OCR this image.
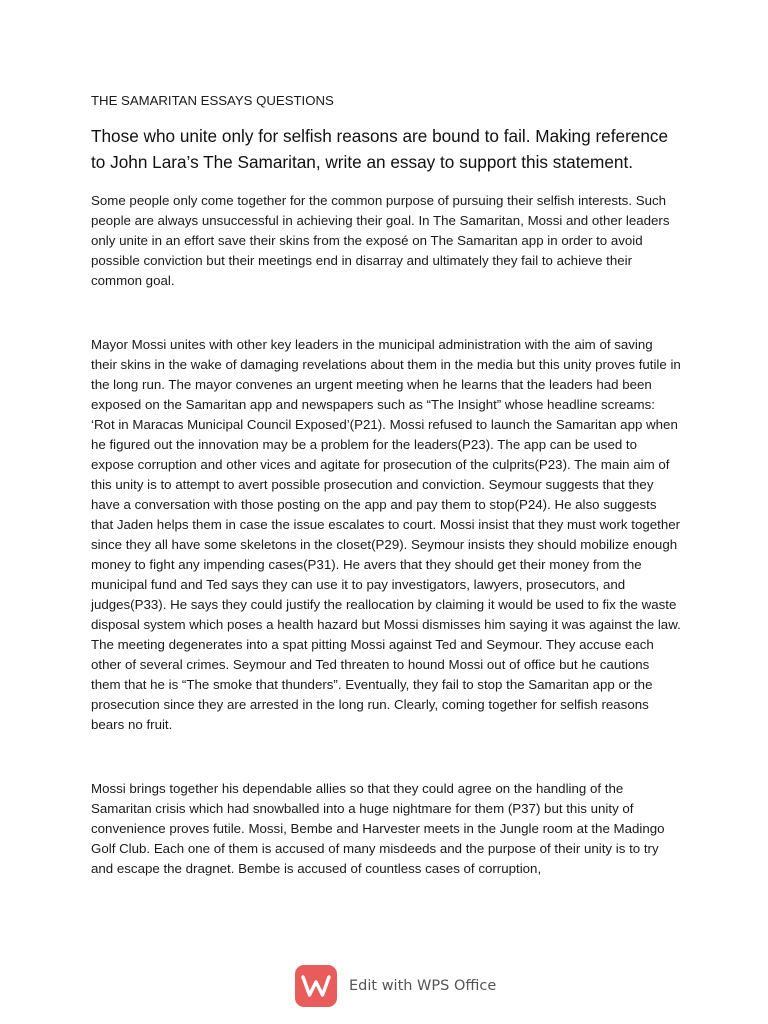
THE SAMARITAN ESSAYS QUESTIONS
Those who unite only for selfish reasons are bound to fail. Making reference to John Lara’s The Samaritan, write an essay to support this statement.

Some people only come together for the common purpose of pursuing their selfish interests. Such people are always unsuccessful in achieving their goal. In The Samaritan, Mossi and other leaders only unite in an effort save their skins from the exposé on The Samaritan app in order to avoid possible conviction but their meetings end in disarray and ultimately they fail to achieve their common goal.

Mayor Mossi unites with other key leaders in the municipal administration with the aim of saving their skins in the wake of damaging revelations about them in the media but this unity proves futile in the long run. The mayor convenes an urgent meeting when he learns that the leaders had been exposed on the Samaritan app and newspapers such as “The Insight” whose headline screams: ‘Rot in Maracas Municipal Council Exposed’(P21). Mossi refused to launch the Samaritan app when he figured out the innovation may be a problem for the leaders(P23). The app can be used to expose corruption and other vices and agitate for prosecution of the culprits(P23). The main aim of this unity is to attempt to avert possible prosecution and conviction. Seymour suggests that they have a conversation with those posting on the app and pay them to stop(P24). He also suggests that Jaden helps them in case the issue escalates to court. Mossi insist that they must work together since they all have some skeletons in the closet(P29). Seymour insists they should mobilize enough money to fight any impending cases(P31). He avers that they should get their money from the municipal fund and Ted says they can use it to pay investigators, lawyers, prosecutors, and judges(P33). He says they could justify the reallocation by claiming it would be used to fix the waste disposal system which poses a health hazard but Mossi dismisses him saying it was against the law. The meeting degenerates into a spat pitting Mossi against Ted and Seymour. They accuse each other of several crimes. Seymour and Ted threaten to hound Mossi out of office but he cautions them that he is “The smoke that thunders”. Eventually, they fail to stop the Samaritan app or the prosecution since they are arrested in the long run. Clearly, coming together for selfish reasons bears no fruit.

Mossi brings together his dependable allies so that they could agree on the handling of the Samaritan crisis which had snowballed into a huge nightmare for them (P37) but this unity of convenience proves futile. Mossi, Bembe and Harvester meets in the Jungle room at the Madingo Golf Club. Each one of them is accused of many misdeeds and the purpose of their unity is to try and escape the dragnet. Bembe is accused of countless cases of corruption,

Edit with WPS Office
